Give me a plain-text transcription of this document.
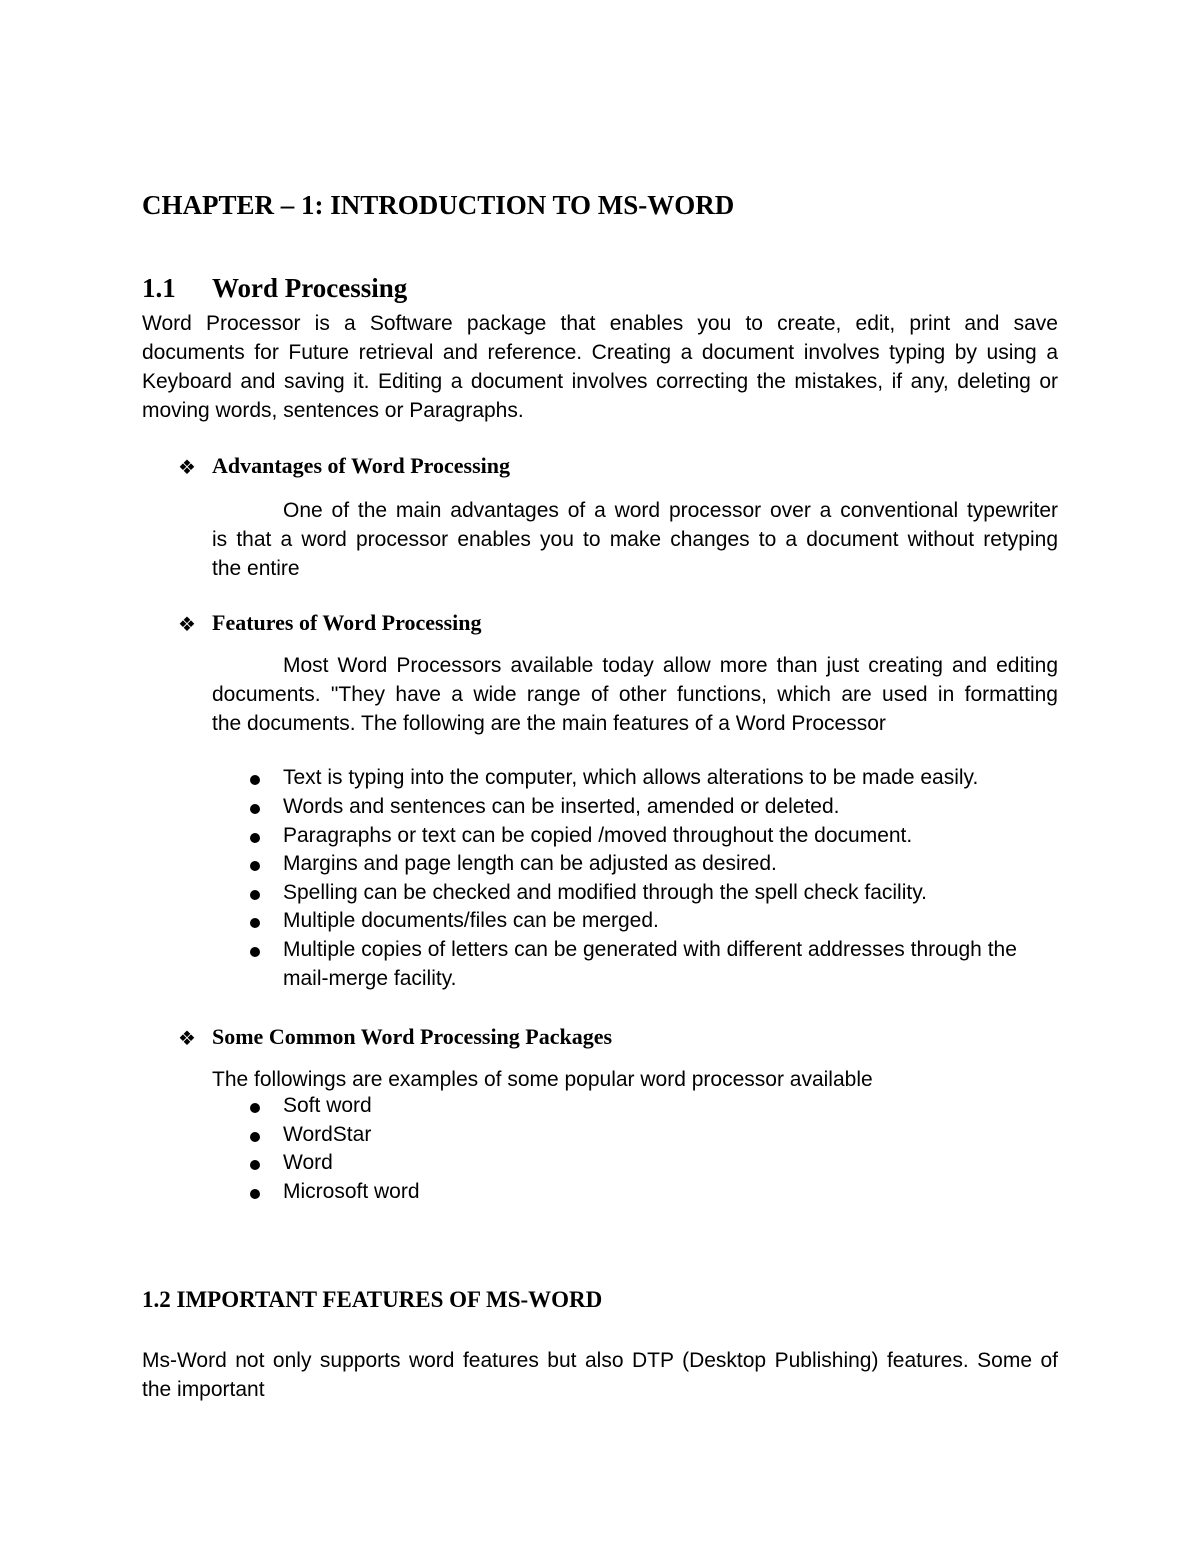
CHAPTER – 1: INTRODUCTION TO MS-WORD
1.1 Word Processing
Word Processor is a Software package that enables you to create, edit, print and save
documents for Future retrieval and reference. Creating a document involves typing by using a
Keyboard and saving it. Editing a document involves correcting the mistakes, if any, deleting or
moving words, sentences or Paragraphs.
❖ Advantages of Word Processing
One of the main advantages of a word processor over a conventional typewriter
is that a word processor enables you to make changes to a document without retyping
the entire
❖ Features of Word Processing
Most Word Processors available today allow more than just creating and editing
documents. "They have a wide range of other functions, which are used in formatting
the documents. The following are the main features of a Word Processor
Text is typing into the computer, which allows alterations to be made easily.
Words and sentences can be inserted, amended or deleted.
Paragraphs or text can be copied /moved throughout the document.
Margins and page length can be adjusted as desired.
Spelling can be checked and modified through the spell check facility.
Multiple documents/files can be merged.
Multiple copies of letters can be generated with different addresses through the
mail-merge facility.
❖ Some Common Word Processing Packages
The followings are examples of some popular word processor available
Soft word
WordStar
Word
Microsoft word
1.2 IMPORTANT FEATURES OF MS-WORD
Ms-Word not only supports word features but also DTP (Desktop Publishing) features. Some of
the important
